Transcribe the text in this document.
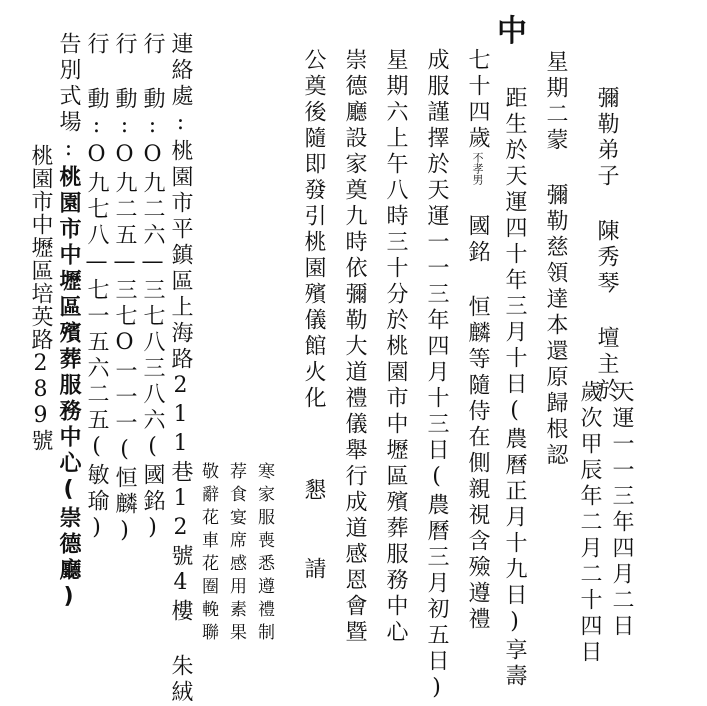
中
彌勒弟子 陳秀琴 壇主於
天運一一三年四月二日
歲次甲辰年二月二十四日
星期二蒙 彌勒慈領達本還原歸根認
距生於天運四十年三月十日(農曆正月十九日)享壽
七十四歲不孝男 國銘 恒麟等隨侍在側親視含殮遵禮
成服謹擇於天運一一三年四月十三日(農曆三月初五日)
星期六上午八時三十分於桃園市中壢區殯葬服務中心
崇德廳設家奠九時依彌勒大道禮儀舉行成道感恩會暨
公奠後隨即發引桃園殯儀館火化
懇 請
寒家服喪悉遵禮制
荐食宴席感用素果
敬辭花車花圈輓聯
連絡處:桃園市平鎮區上海路211巷12號4樓 朱絨
行 動:O九二六—三七八三八六(國銘)
行 動:O九二五—三七O一一一(恒麟)
行 動:O九七八—七一五六二五(敏瑜)
告別式場:桃園市中壢區殯葬服務中心(崇德廳)
桃園市中壢區培英路289號
